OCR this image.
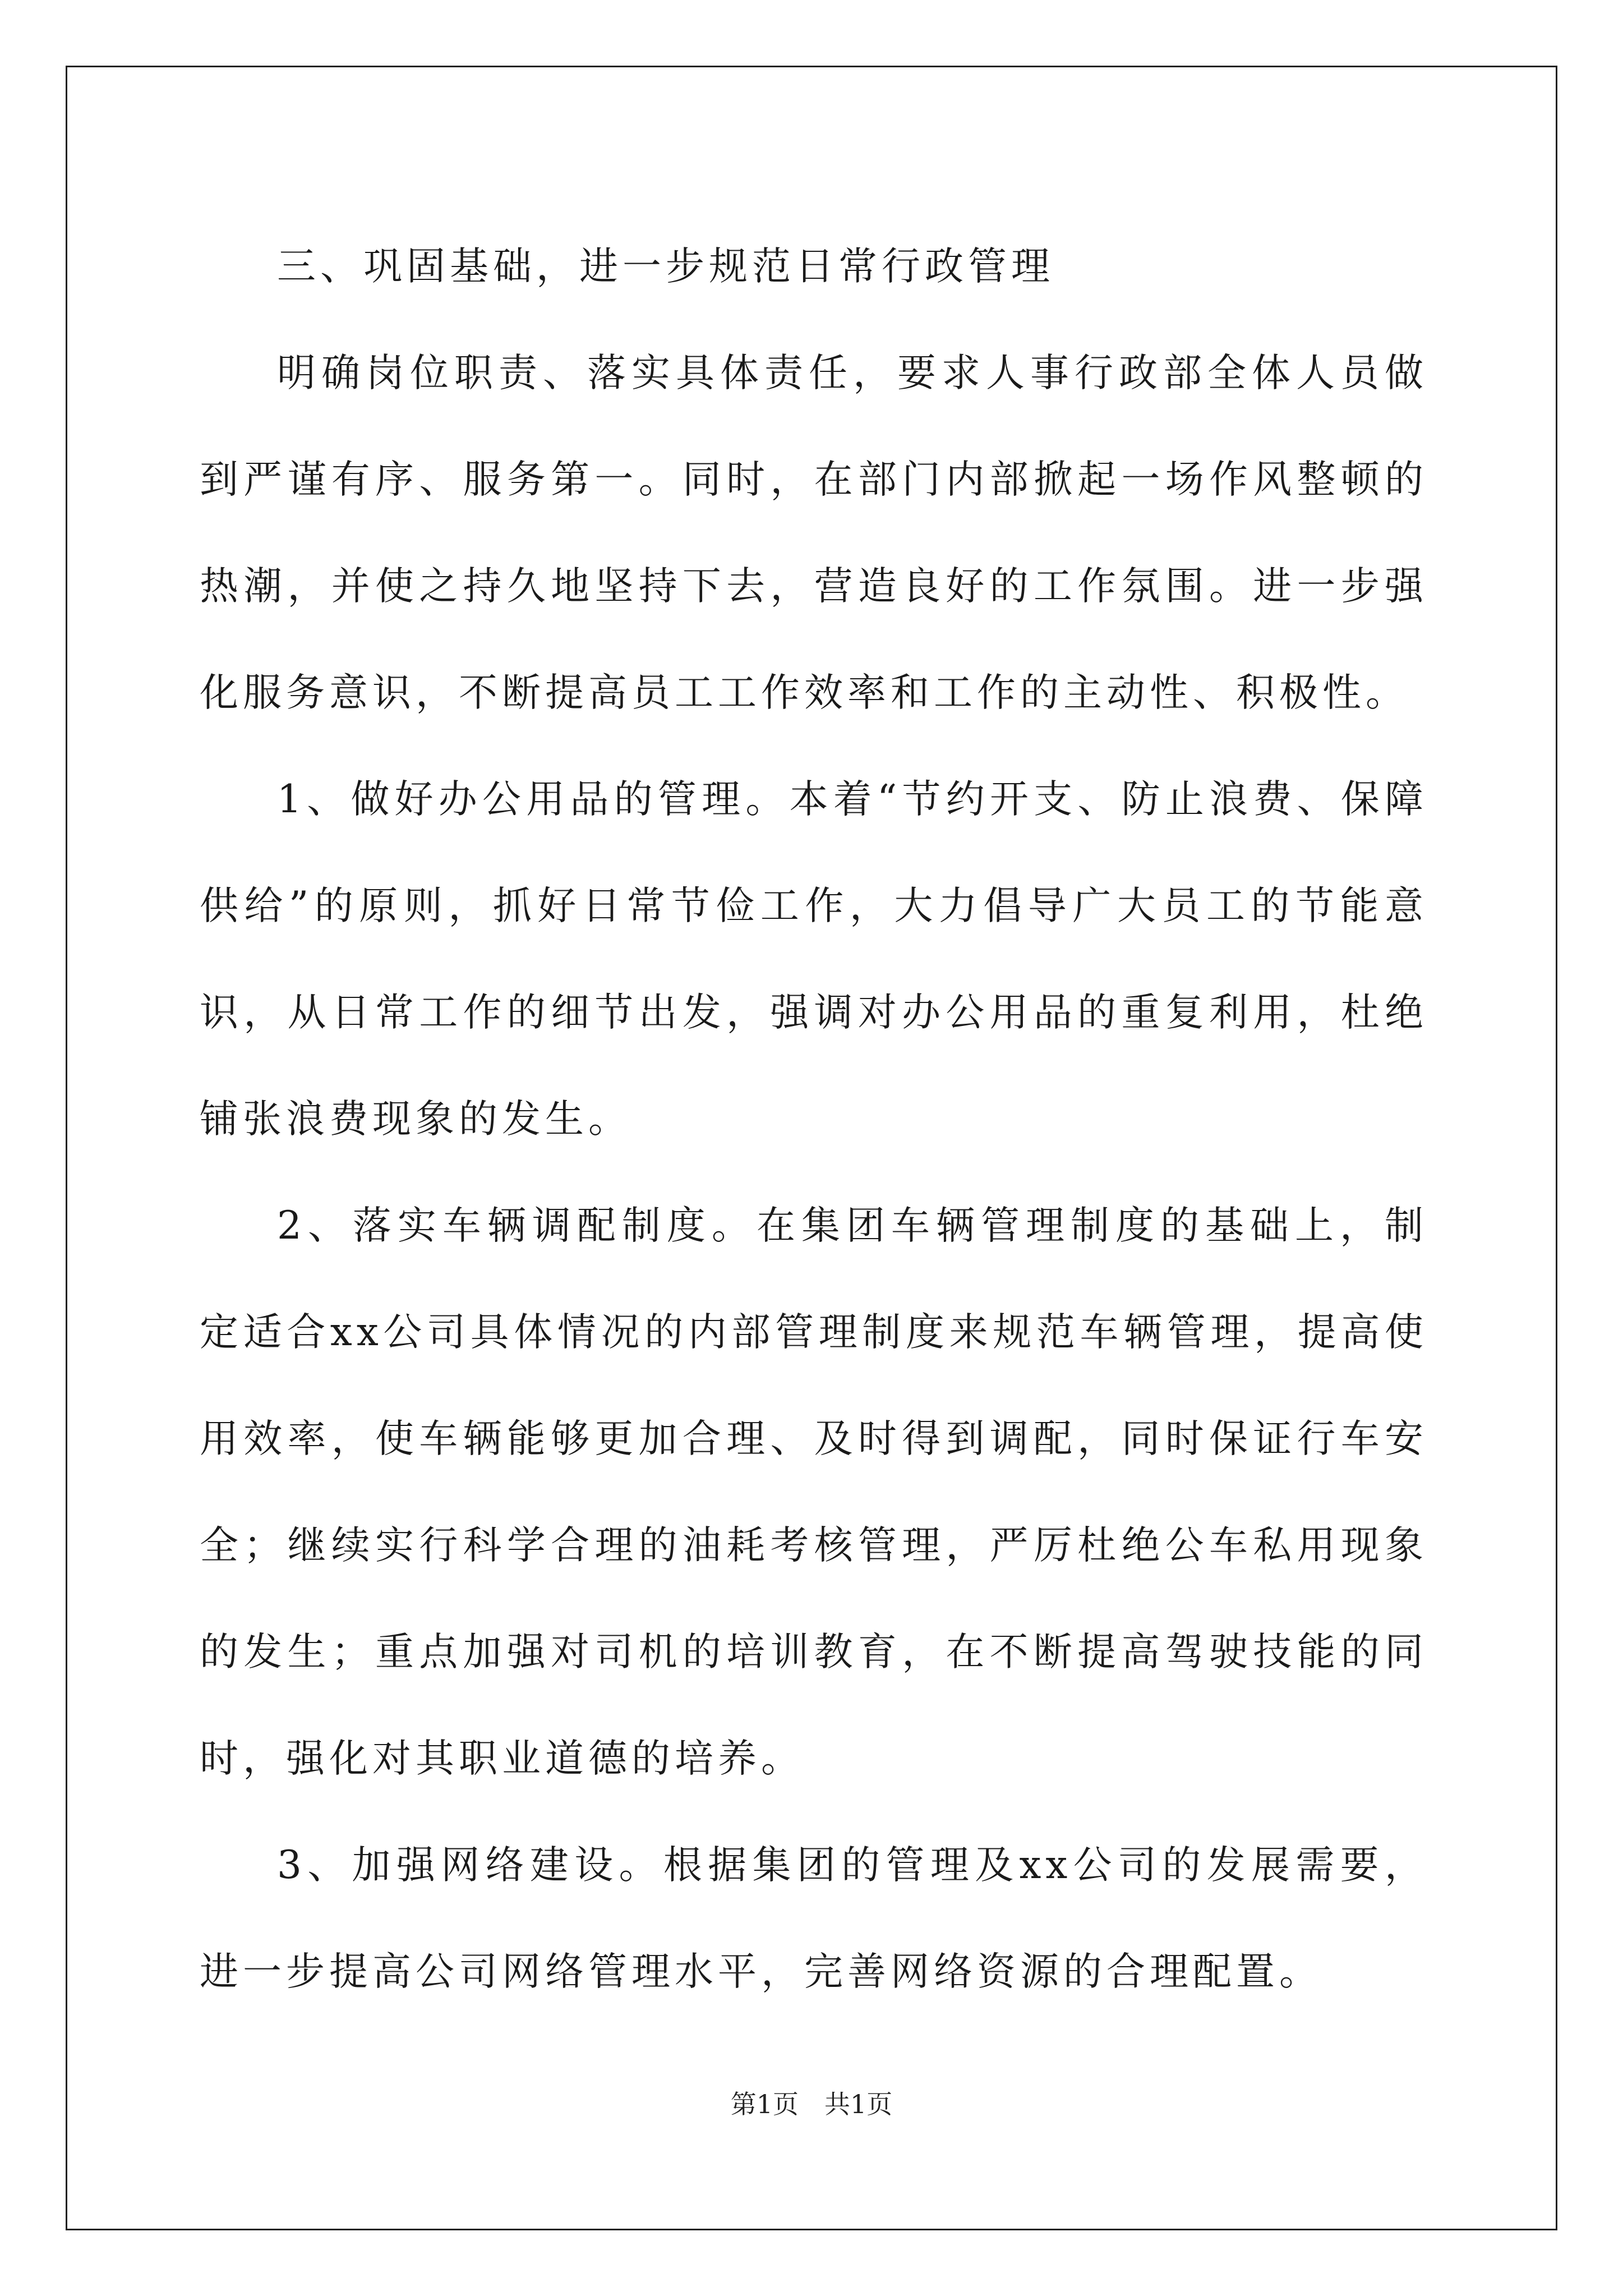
三、巩固基础，进一步规范日常行政管理

明确岗位职责、落实具体责任，要求人事行政部全体人员做到严谨有序、服务第一。同时，在部门内部掀起一场作风整顿的热潮，并使之持久地坚持下去，营造良好的工作氛围。进一步强化服务意识，不断提高员工工作效率和工作的主动性、积极性。

1、做好办公用品的管理。本着“节约开支、防止浪费、保障供给”的原则，抓好日常节俭工作，大力倡导广大员工的节能意识，从日常工作的细节出发，强调对办公用品的重复利用，杜绝铺张浪费现象的发生。

2、落实车辆调配制度。在集团车辆管理制度的基础上，制定适合xx公司具体情况的内部管理制度来规范车辆管理，提高使用效率，使车辆能够更加合理、及时得到调配，同时保证行车安全；继续实行科学合理的油耗考核管理，严厉杜绝公车私用现象的发生；重点加强对司机的培训教育，在不断提高驾驶技能的同时，强化对其职业道德的培养。

3、加强网络建设。根据集团的管理及xx公司的发展需要，进一步提高公司网络管理水平，完善网络资源的合理配置。

第1页　共1页
